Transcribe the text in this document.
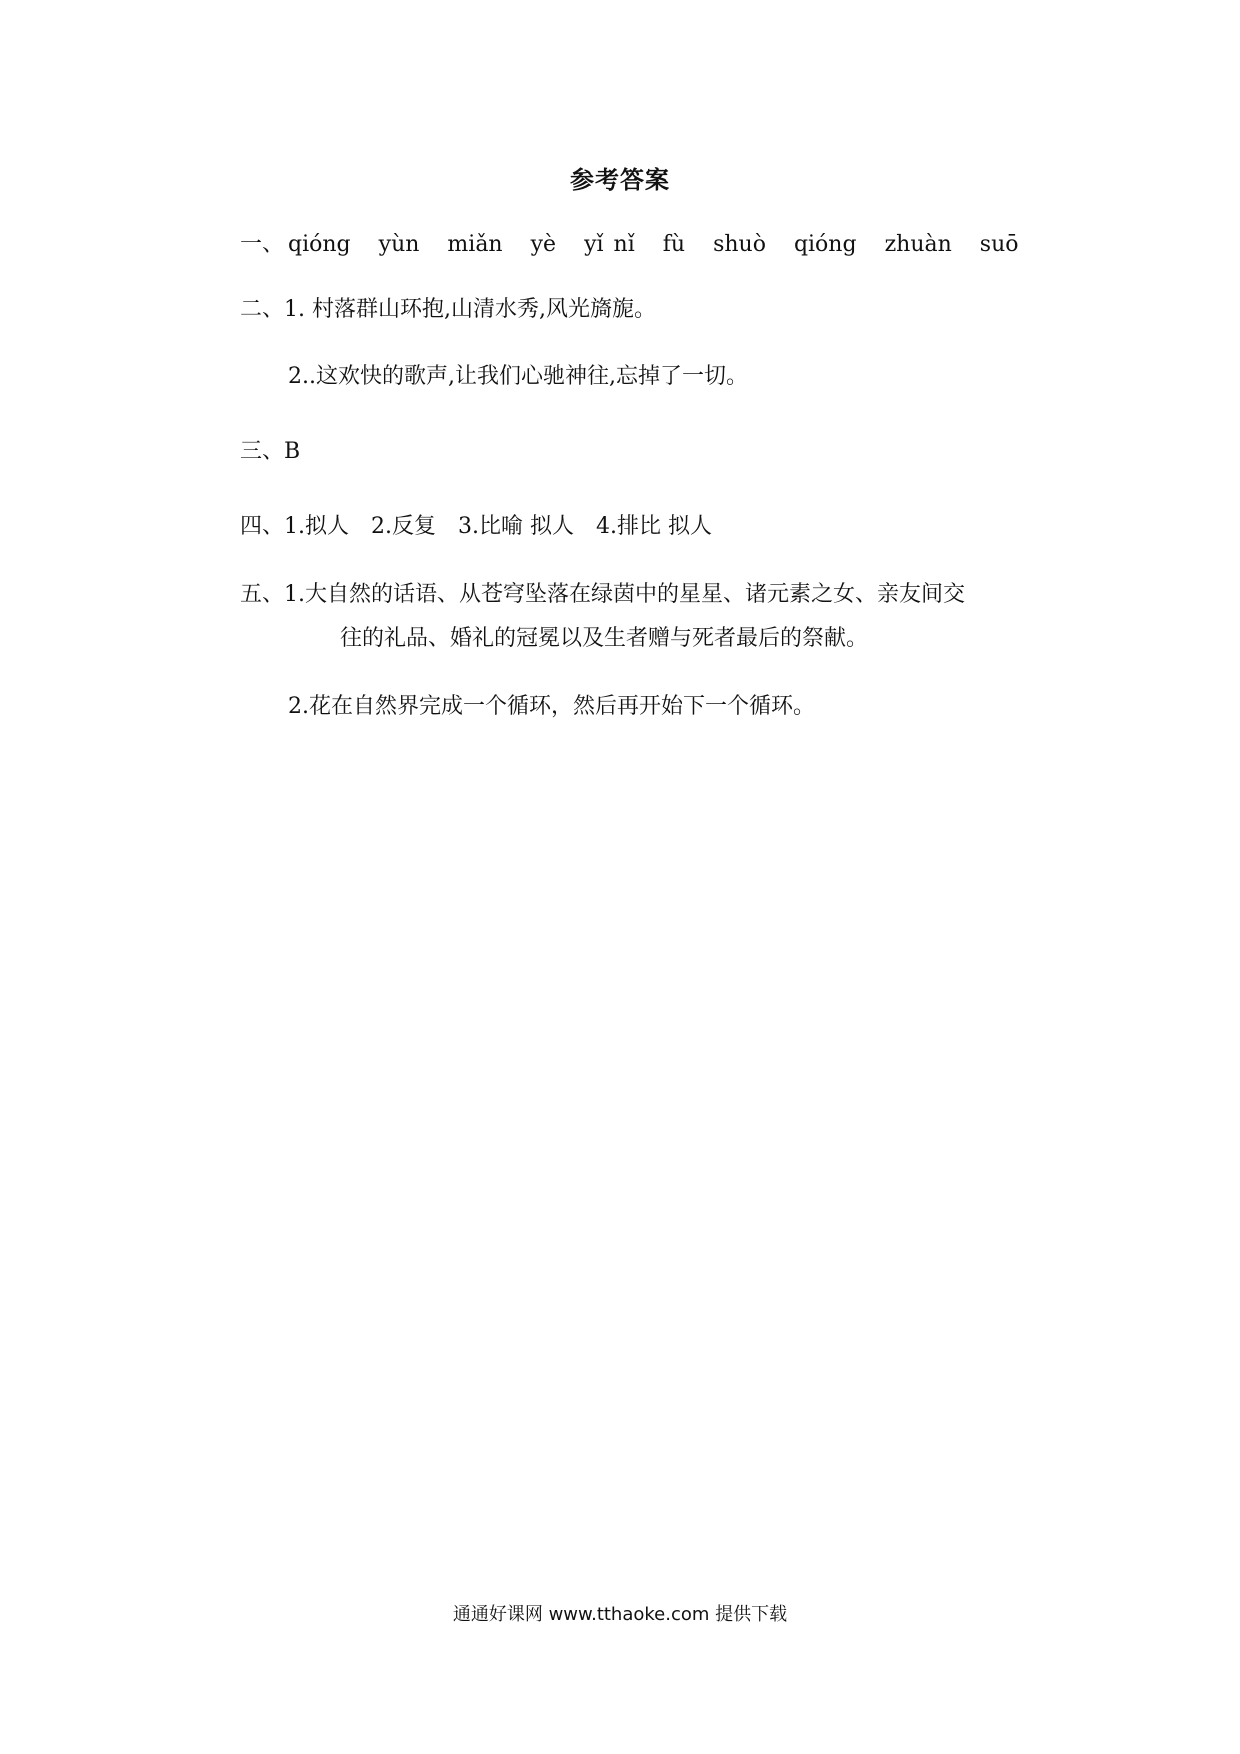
参考答案
一、 qióng yùn miǎn yè yǐ nǐ fù shuò qióng zhuàn suō
二、1. 村落群山环抱,山清水秀,风光旖旎。
2..这欢快的歌声,让我们心驰神往,忘掉了一切。
三、B
四、1.拟人 2.反复 3.比喻 拟人 4.排比 拟人
五、1.大自然的话语、从苍穹坠落在绿茵中的星星、诸元素之女、亲友间交
往的礼品、婚礼的冠冕以及生者赠与死者最后的祭献。
2.花在自然界完成一个循环，然后再开始下一个循环。
通通好课网 www.tthaoke.com 提供下载
